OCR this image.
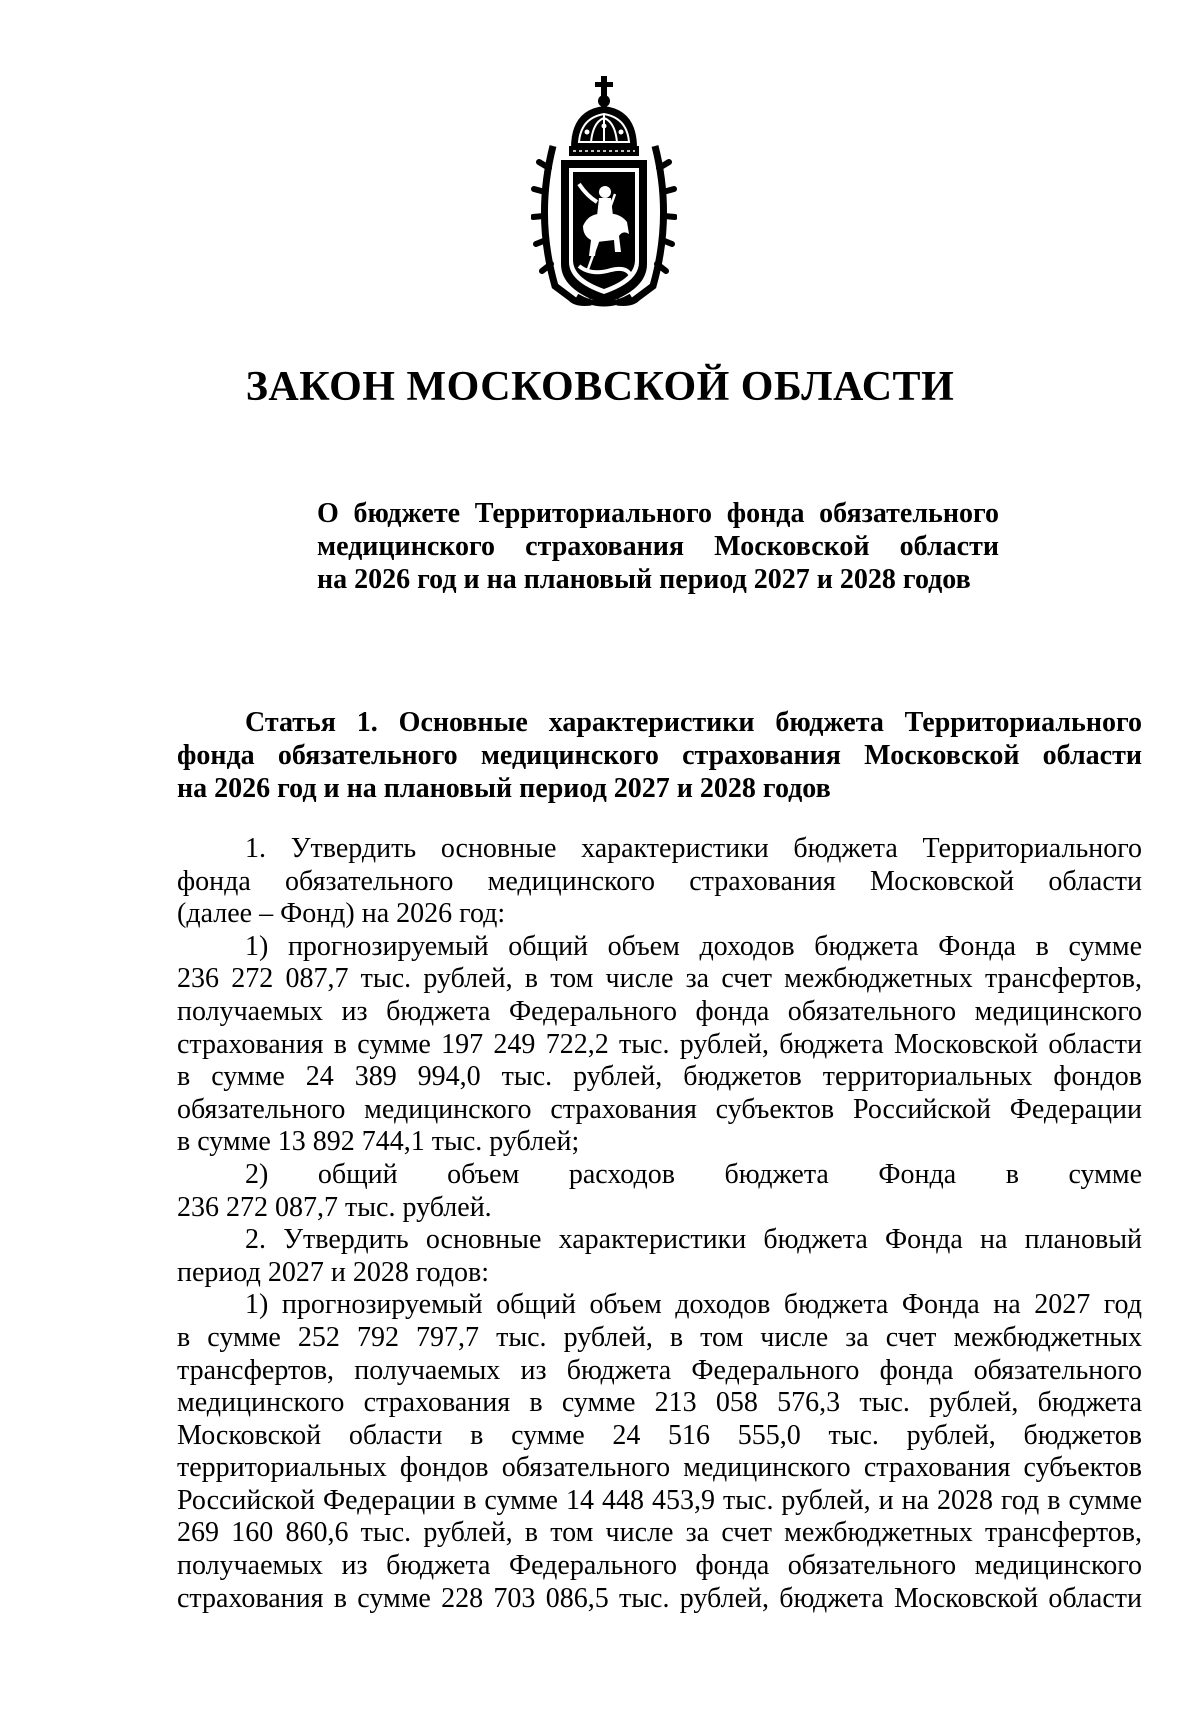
ЗАКОН МОСКОВСКОЙ ОБЛАСТИ
О бюджете Территориального фонда обязательного
медицинского страхования Московской области
на 2026 год и на плановый период 2027 и 2028 годов
Статья 1. Основные характеристики бюджета Территориального
фонда обязательного медицинского страхования Московской области
на 2026 год и на плановый период 2027 и 2028 годов
1. Утвердить основные характеристики бюджета Территориального
фонда обязательного медицинского страхования Московской области
(далее – Фонд) на 2026 год:
1) прогнозируемый общий объем доходов бюджета Фонда в сумме
236 272 087,7 тыс. рублей, в том числе за счет межбюджетных трансфертов,
получаемых из бюджета Федерального фонда обязательного медицинского
страхования в сумме 197 249 722,2 тыс. рублей, бюджета Московской области
в сумме 24 389 994,0 тыс. рублей, бюджетов территориальных фондов
обязательного медицинского страхования субъектов Российской Федерации
в сумме 13 892 744,1 тыс. рублей;
2) общий объем расходов бюджета Фонда в сумме
236 272 087,7 тыс. рублей.
2. Утвердить основные характеристики бюджета Фонда на плановый
период 2027 и 2028 годов:
1) прогнозируемый общий объем доходов бюджета Фонда на 2027 год
в сумме 252 792 797,7 тыс. рублей, в том числе за счет межбюджетных
трансфертов, получаемых из бюджета Федерального фонда обязательного
медицинского страхования в сумме 213 058 576,3 тыс. рублей, бюджета
Московской области в сумме 24 516 555,0 тыс. рублей, бюджетов
территориальных фондов обязательного медицинского страхования субъектов
Российской Федерации в сумме 14 448 453,9 тыс. рублей, и на 2028 год в сумме
269 160 860,6 тыс. рублей, в том числе за счет межбюджетных трансфертов,
получаемых из бюджета Федерального фонда обязательного медицинского
страхования в сумме 228 703 086,5 тыс. рублей, бюджета Московской области
